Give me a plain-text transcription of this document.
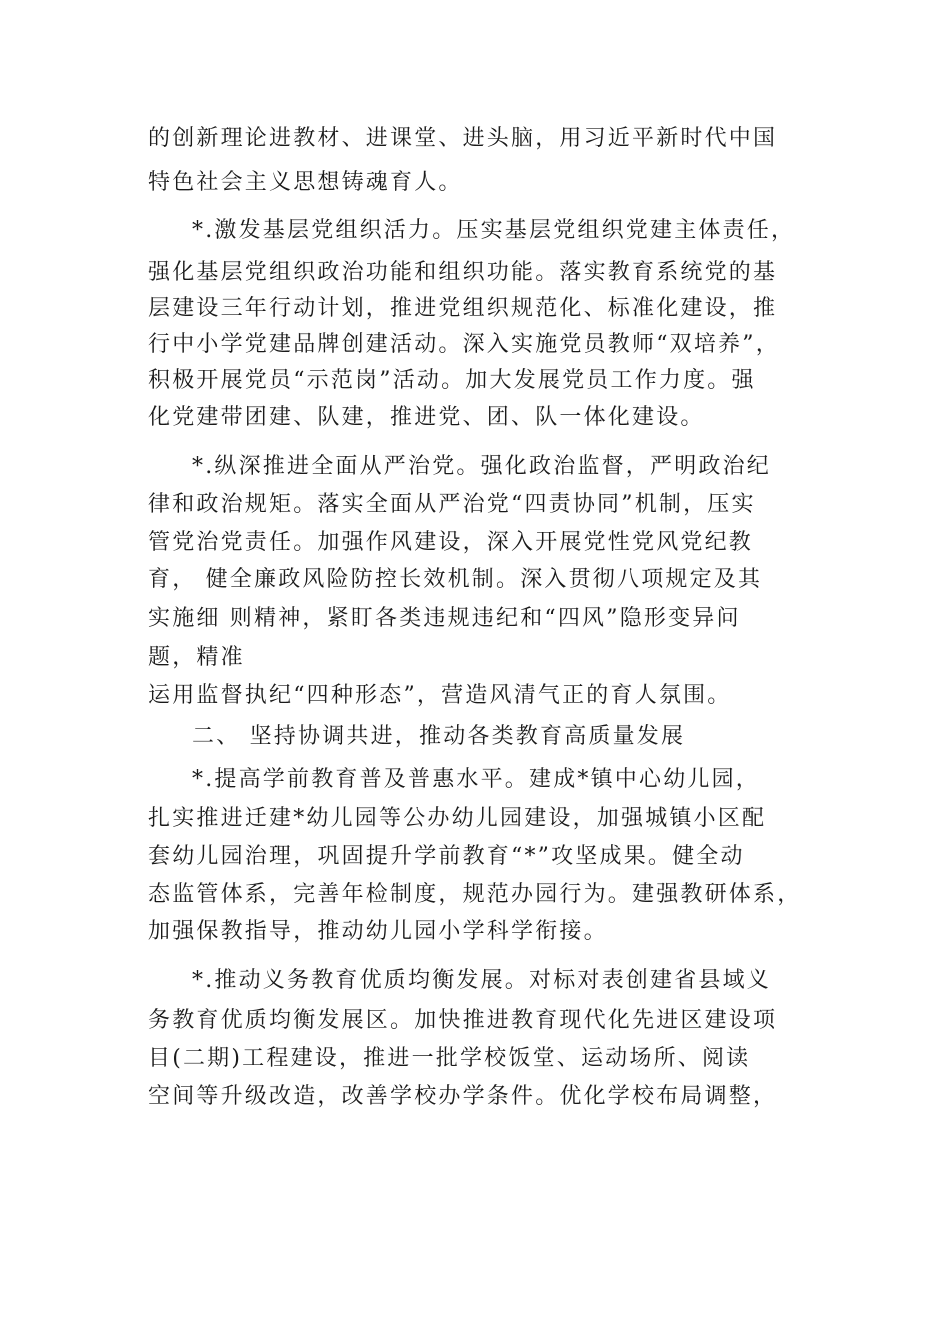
的创新理论进教材、进课堂、进头脑，用习近平新时代中国
特色社会主义思想铸魂育人。
*.激发基层党组织活力。压实基层党组织党建主体责任，
强化基层党组织政治功能和组织功能。落实教育系统党的基
层建设三年行动计划，推进党组织规范化、标准化建设，推
行中小学党建品牌创建活动。深入实施党员教师“双培养”，
积极开展党员“示范岗”活动。加大发展党员工作力度。强
化党建带团建、队建，推进党、团、队一体化建设。
*.纵深推进全面从严治党。强化政治监督，严明政治纪
律和政治规矩。落实全面从严治党“四责协同”机制，压实
管党治党责任。加强作风建设，深入开展党性党风党纪教
育， 健全廉政风险防控长效机制。深入贯彻八项规定及其
实施细 则精神，紧盯各类违规违纪和“四风”隐形变异问
题，精准
运用监督执纪“四种形态”，营造风清气正的育人氛围。
二、 坚持协调共进，推动各类教育高质量发展
*.提高学前教育普及普惠水平。建成*镇中心幼儿园，
扎实推进迁建*幼儿园等公办幼儿园建设，加强城镇小区配
套幼儿园治理，巩固提升学前教育“*”攻坚成果。健全动
态监管体系，完善年检制度，规范办园行为。建强教研体系，
加强保教指导，推动幼儿园小学科学衔接。
*.推动义务教育优质均衡发展。对标对表创建省县域义
务教育优质均衡发展区。加快推进教育现代化先进区建设项
目(二期)工程建设，推进一批学校饭堂、运动场所、阅读
空间等升级改造，改善学校办学条件。优化学校布局调整，
